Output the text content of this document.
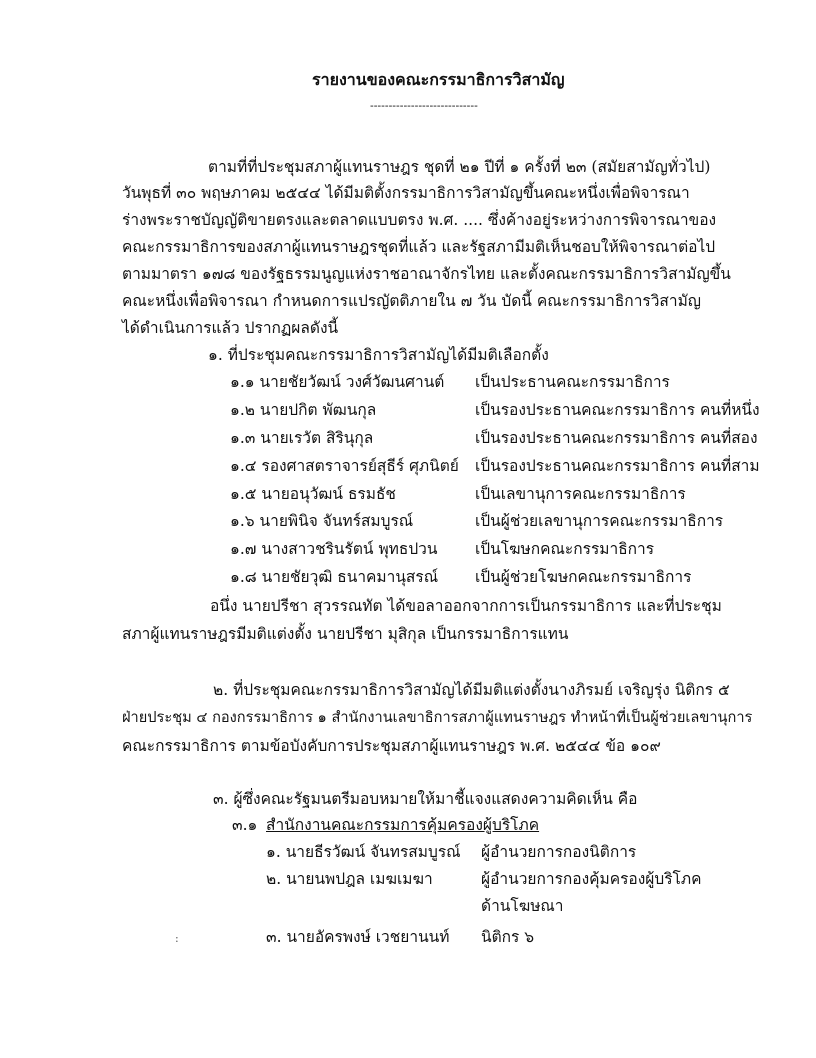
รายงานของคณะกรรมาธิการวิสามัญ
-----------------------------
ตามที่ที่ประชุมสภาผู้แทนราษฎร ชุดที่ ๒๑ ปีที่ ๑ ครั้งที่ ๒๓ (สมัยสามัญทั่วไป)
วันพุธที่ ๓๐ พฤษภาคม ๒๕๔๔ ได้มีมติตั้งกรรมาธิการวิสามัญขึ้นคณะหนึ่งเพื่อพิจารณา
ร่างพระราชบัญญัติขายตรงและตลาดแบบตรง พ.ศ. .... ซึ่งค้างอยู่ระหว่างการพิจารณาของ
คณะกรรมาธิการของสภาผู้แทนราษฎรชุดที่แล้ว และรัฐสภามีมติเห็นชอบให้พิจารณาต่อไป
ตามมาตรา ๑๗๘ ของรัฐธรรมนูญแห่งราชอาณาจักรไทย และตั้งคณะกรรมาธิการวิสามัญขึ้น
คณะหนึ่งเพื่อพิจารณา กำหนดการแปรญัตติภายใน ๗ วัน บัดนี้ คณะกรรมาธิการวิสามัญ
ได้ดำเนินการแล้ว ปรากฏผลดังนี้
๑. ที่ประชุมคณะกรรมาธิการวิสามัญได้มีมติเลือกตั้ง
๑.๑ นายชัยวัฒน์ วงศ์วัฒนศานต์ เป็นประธานคณะกรรมาธิการ
๑.๒ นายปกิต พัฒนกุล	เป็นรองประธานคณะกรรมาธิการ คนที่หนึ่ง
๑.๓ นายเรวัต สิรินุกุล	เป็นรองประธานคณะกรรมาธิการ คนที่สอง
๑.๔ รองศาสตราจารย์สุธีร์ ศุภนิตย์ เป็นรองประธานคณะกรรมาธิการ คนที่สาม
๑.๕ นายอนุวัฒน์ ธรมธัช	เป็นเลขานุการคณะกรรมาธิการ
๑.๖ นายพินิจ จันทร์สมบูรณ์	เป็นผู้ช่วยเลขานุการคณะกรรมาธิการ
๑.๗ นางสาวชรินรัตน์ พุทธปวน เป็นโฆษกคณะกรรมาธิการ
๑.๘ นายชัยวุฒิ ธนาคมานุสรณ์ เป็นผู้ช่วยโฆษกคณะกรรมาธิการ
อนึ่ง นายปรีชา สุวรรณทัต ได้ขอลาออกจากการเป็นกรรมาธิการ และที่ประชุม
สภาผู้แทนราษฎรมีมติแต่งตั้ง นายปรีชา มุสิกุล เป็นกรรมาธิการแทน
๒. ที่ประชุมคณะกรรมาธิการวิสามัญได้มีมติแต่งตั้งนางภิรมย์ เจริญรุ่ง นิติกร ๕
ฝ่ายประชุม ๔ กองกรรมาธิการ ๑ สำนักงานเลขาธิการสภาผู้แทนราษฎร ทำหน้าที่เป็นผู้ช่วยเลขานุการ
คณะกรรมาธิการ ตามข้อบังคับการประชุมสภาผู้แทนราษฎร พ.ศ. ๒๕๔๔ ข้อ ๑๐๙
๓. ผู้ซึ่งคณะรัฐมนตรีมอบหมายให้มาชี้แจงแสดงความคิดเห็น คือ
๓.๑ สำนักงานคณะกรรมการคุ้มครองผู้บริโภค
๑. นายธีรวัฒน์ จันทรสมบูรณ์ ผู้อำนวยการกองนิติการ
๒. นายนพปฎล เมฆเมฆา	ผู้อำนวยการกองคุ้มครองผู้บริโภค
ด้านโฆษณา
๓. นายอัครพงษ์ เวชยานนท์ นิติกร ๖
:
